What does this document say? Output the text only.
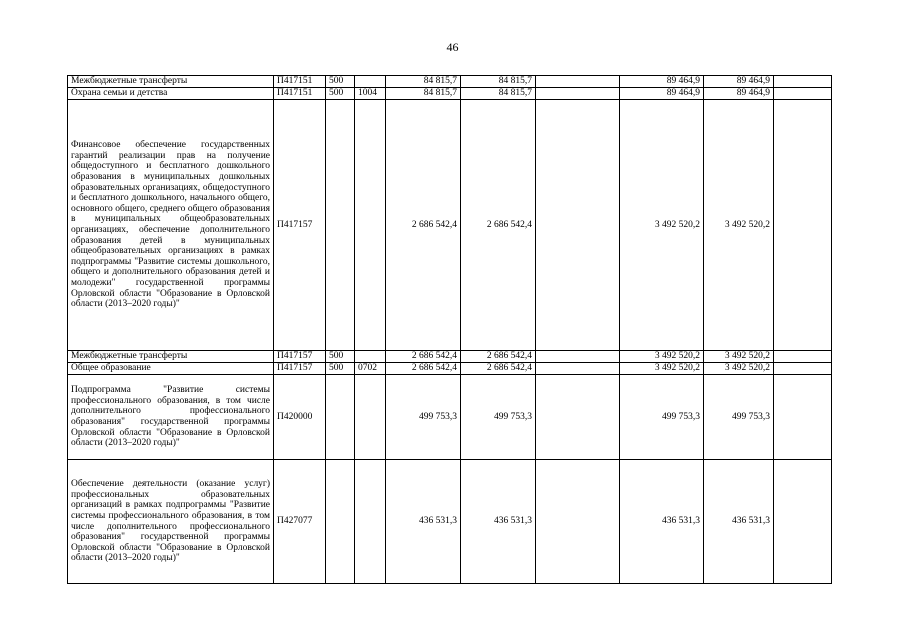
46
Межбюджетные трансферты	П417151	500		84 815,7	84 815,7		89 464,9	89 464,9	
Охрана семьи и детства	П417151	500	1004	84 815,7	84 815,7		89 464,9	89 464,9	
Финансовое обеспечение государственных гарантий реализации прав на получение общедоступного и бесплатного дошкольного образования в муниципальных дошкольных образовательных организациях, общедоступного и бесплатного дошкольного, начального общего, основного общего, среднего общего образования в муниципальных общеобразовательных организациях, обеспечение дополнительного образования детей в муниципальных общеобразовательных организациях в рамках подпрограммы "Развитие системы дошкольного, общего и дополнительного образования детей и молодежи" государственной программы Орловской области "Образование в Орловской области (2013–2020 годы)"	П417157			2 686 542,4	2 686 542,4		3 492 520,2	3 492 520,2	
Межбюджетные трансферты	П417157	500		2 686 542,4	2 686 542,4		3 492 520,2	3 492 520,2	
Общее образование	П417157	500	0702	2 686 542,4	2 686 542,4		3 492 520,2	3 492 520,2	
Подпрограмма "Развитие системы профессионального образования, в том числе дополнительного профессионального образования" государственной программы Орловской области "Образование в Орловской области (2013–2020 годы)"	П420000			499 753,3	499 753,3		499 753,3	499 753,3	
Обеспечение деятельности (оказание услуг) профессиональных образовательных организаций в рамках подпрограммы "Развитие системы профессионального образования, в том числе дополнительного профессионального образования" государственной программы Орловской области "Образование в Орловской области (2013–2020 годы)"	П427077			436 531,3	436 531,3		436 531,3	436 531,3	
